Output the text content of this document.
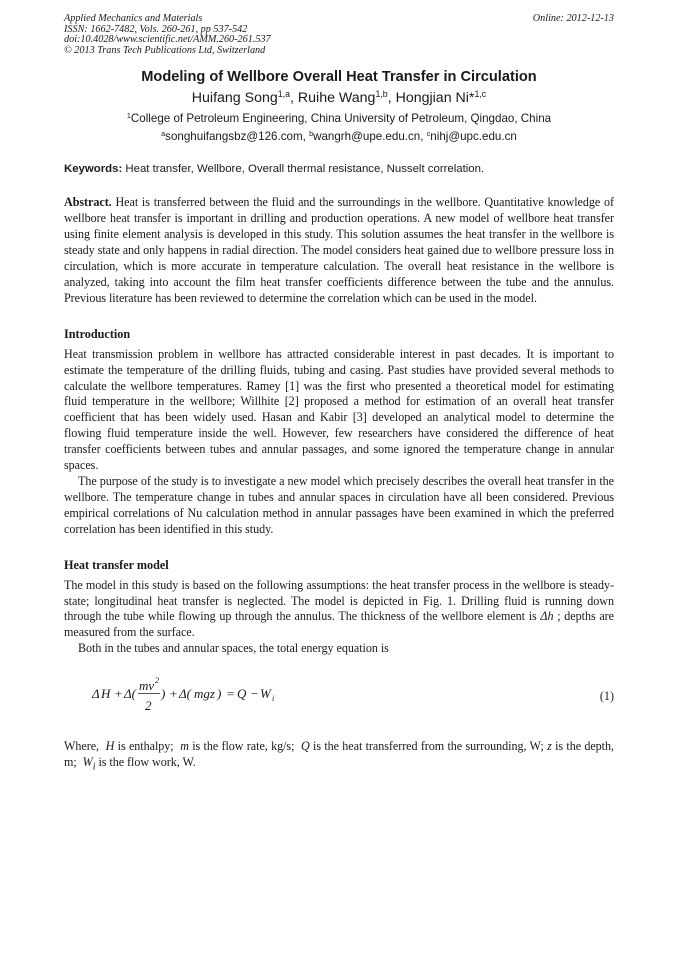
Applied Mechanics and Materials
ISSN: 1662-7482, Vols. 260-261, pp 537-542
doi:10.4028/www.scientific.net/AMM.260-261.537
© 2013 Trans Tech Publications Ltd, Switzerland
Online: 2012-12-13
Modeling of Wellbore Overall Heat Transfer in Circulation
Huifang Song$^{1,a}$, Ruihe Wang$^{1,b}$, Hongjian Ni*$^{1,c}$
$^1$College of Petroleum Engineering, China University of Petroleum, Qingdao, China
$^a$songhuifangsbz@126.com, $^b$wangrh@upe.edu.cn, $^c$nihj@upc.edu.cn
Keywords: Heat transfer, Wellbore, Overall thermal resistance, Nusselt correlation.

Abstract. Heat is transferred between the fluid and the surroundings in the wellbore. Quantitative knowledge of wellbore heat transfer is important in drilling and production operations. A new model of wellbore heat transfer using finite element analysis is developed in this study. This solution assumes the heat transfer in the wellbore is steady state and only happens in radial direction. The model considers heat gained due to wellbore pressure loss in circulation, which is more accurate in temperature calculation. The overall heat resistance in the wellbore is analyzed, taking into account the film heat transfer coefficients difference between the tube and the annulus. Previous literature has been reviewed to determine the correlation which can be used in the model.

Introduction

Heat transmission problem in wellbore has attracted considerable interest in past decades. It is important to estimate the temperature of the drilling fluids, tubing and casing. Past studies have provided several methods to calculate the wellbore temperatures. Ramey [1] was the first who presented a theoretical model for estimating fluid temperature in the wellbore; Willhite [2] proposed a method for estimation of an overall heat transfer coefficient that has been widely used. Hasan and Kabir [3] developed an analytical model to determine the flowing fluid temperature inside the well. However, few researchers have considered the difference of heat transfer coefficients between tubes and annular passages, and some ignored the temperature change in annular spaces.

The purpose of the study is to investigate a new model which precisely describes the overall heat transfer in the wellbore. The temperature change in tubes and annular spaces in circulation have all been considered. Previous empirical correlations of Nu calculation method in annular passages have been examined in which the preferred correlation has been identified in this study.

Heat transfer model

The model in this study is based on the following assumptions: the heat transfer process in the wellbore is steady-state; longitudinal heat transfer is neglected. The model is depicted in Fig. 1. Drilling fluid is running down through the tube while flowing up through the annulus. The thickness of the wellbore element is Δh ; depths are measured from the surface.

Both in the tubes and annular spaces, the total energy equation is

Δ H + Δ(
mv 2
2
) + Δ( mgz ) = Q − W i	(1)

Where, H is enthalpy;  m is the flow rate, kg/s;  Q is the heat transferred from the surrounding, W; z is the depth, m;  $W_i$ is the flow work, W.
